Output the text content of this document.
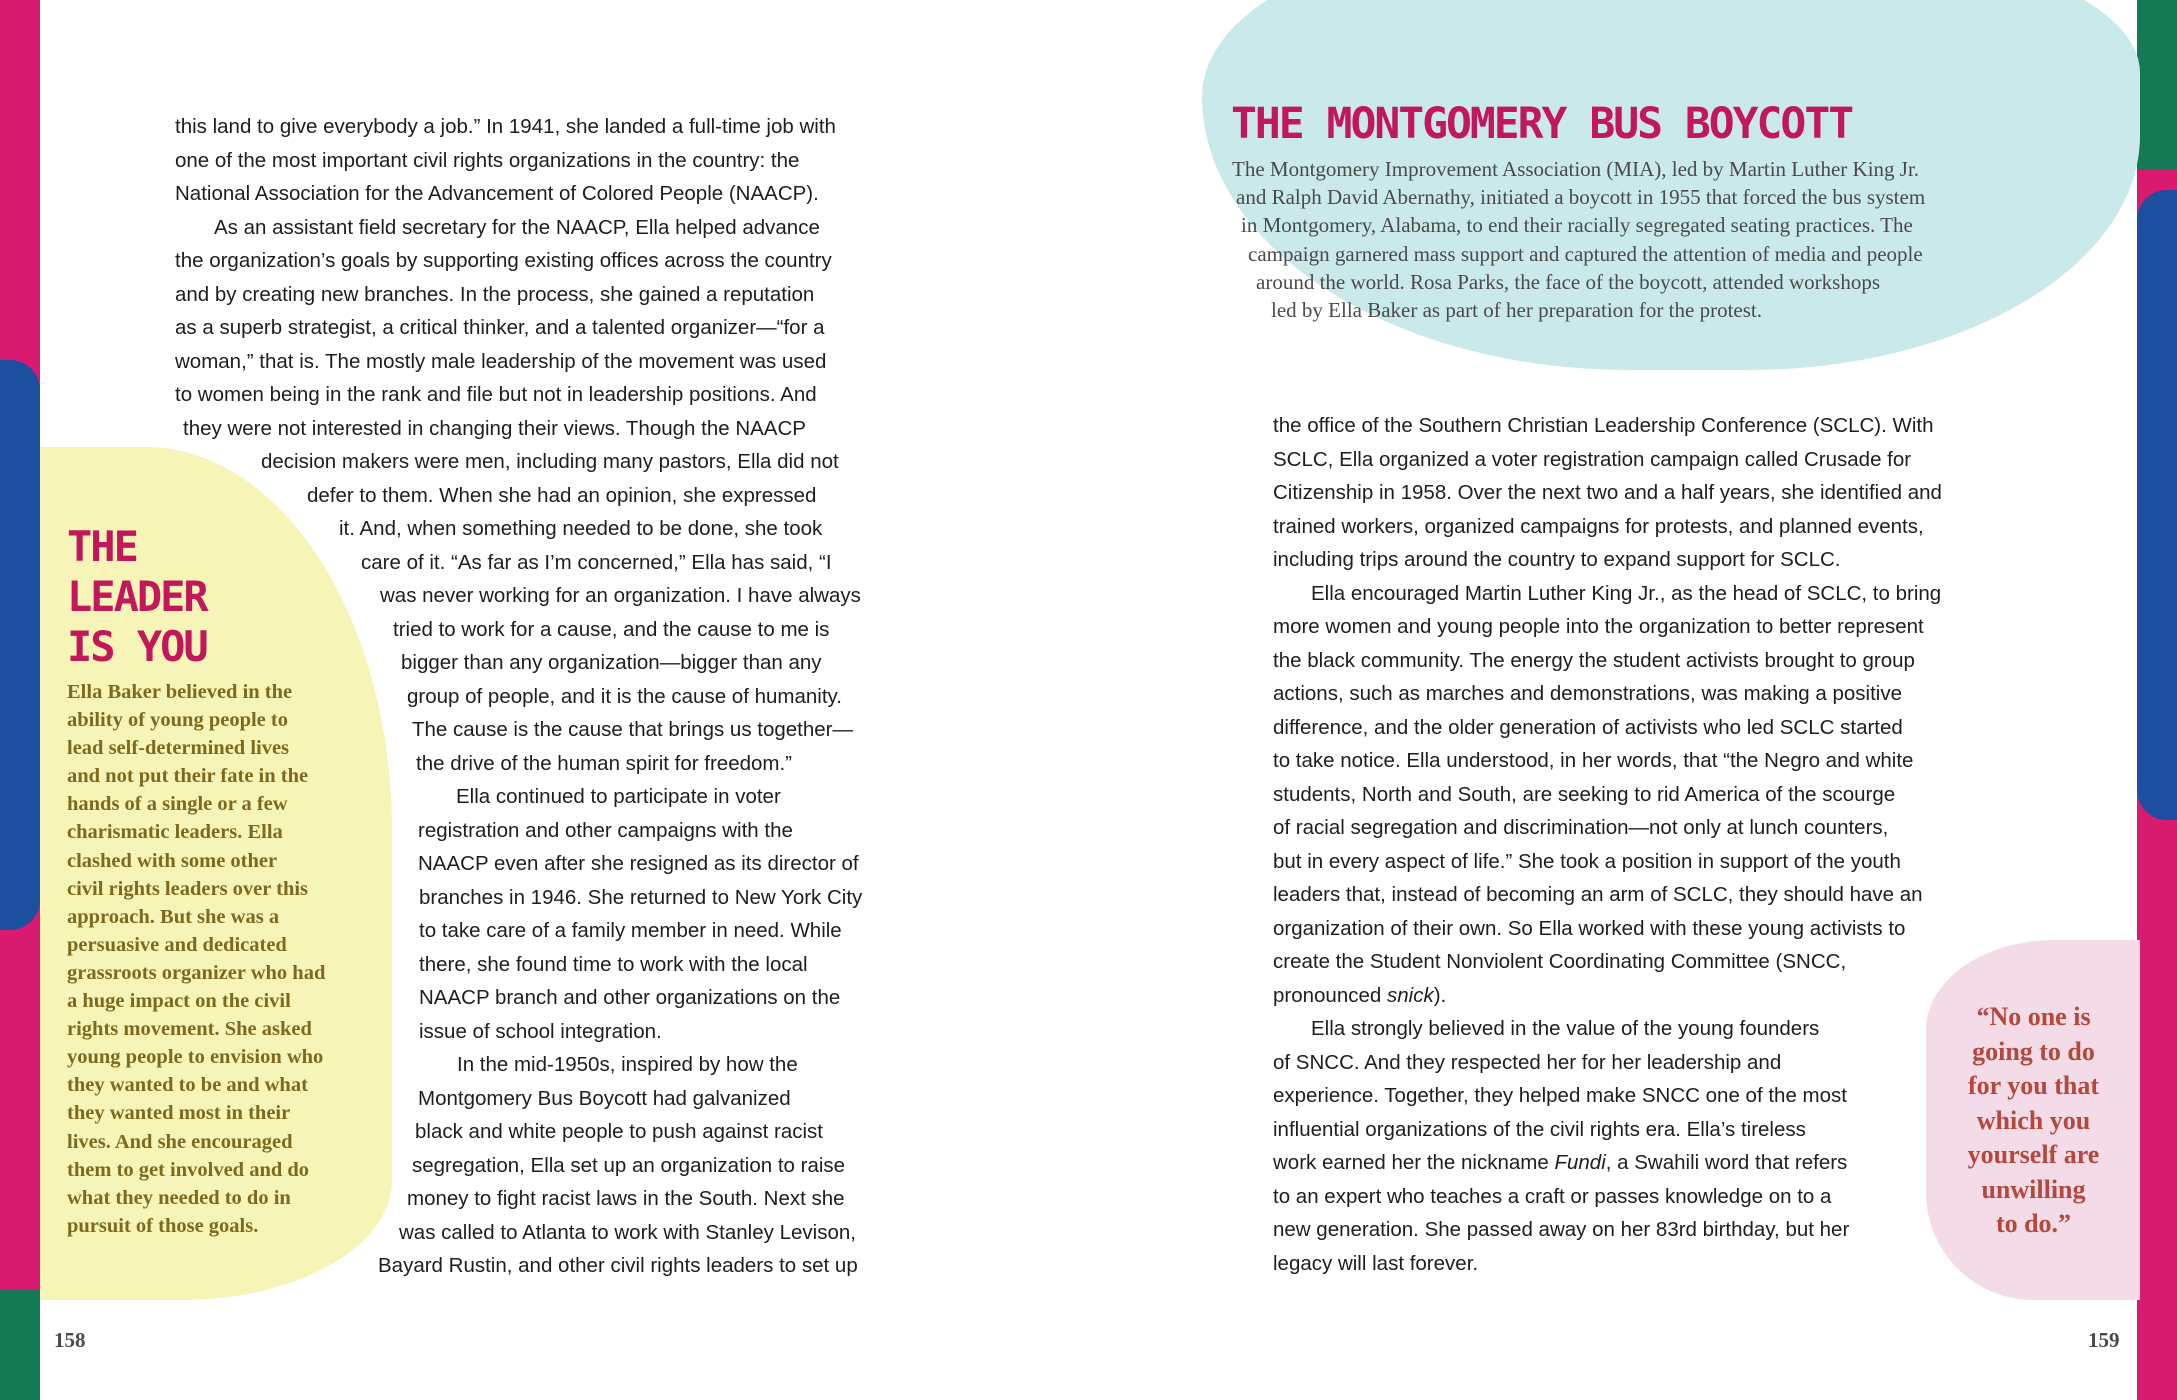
this land to give everybody a job.” In 1941, she landed a full-time job with
one of the most important civil rights organizations in the country: the
National Association for the Advancement of Colored People (NAACP).
As an assistant field secretary for the NAACP, Ella helped advance
the organization’s goals by supporting existing offices across the country
and by creating new branches. In the process, she gained a reputation
as a superb strategist, a critical thinker, and a talented organizer—“for a
woman,” that is. The mostly male leadership of the movement was used
to women being in the rank and file but not in leadership positions. And
they were not interested in changing their views. Though the NAACP
decision makers were men, including many pastors, Ella did not
defer to them. When she had an opinion, she expressed
it. And, when something needed to be done, she took
care of it. “As far as I’m concerned,” Ella has said, “I
was never working for an organization. I have always
tried to work for a cause, and the cause to me is
bigger than any organization—bigger than any
group of people, and it is the cause of humanity.
The cause is the cause that brings us together—
the drive of the human spirit for freedom.”
Ella continued to participate in voter
registration and other campaigns with the
NAACP even after she resigned as its director of
branches in 1946. She returned to New York City
to take care of a family member in need. While
there, she found time to work with the local
NAACP branch and other organizations on the
issue of school integration.
In the mid-1950s, inspired by how the
Montgomery Bus Boycott had galvanized
black and white people to push against racist
segregation, Ella set up an organization to raise
money to fight racist laws in the South. Next she
was called to Atlanta to work with Stanley Levison,
Bayard Rustin, and other civil rights leaders to set up
THE
LEADER
IS YOU
Ella Baker believed in the
ability of young people to
lead self-determined lives
and not put their fate in the
hands of a single or a few
charismatic leaders. Ella
clashed with some other
civil rights leaders over this
approach. But she was a
persuasive and dedicated
grassroots organizer who had
a huge impact on the civil
rights movement. She asked
young people to envision who
they wanted to be and what
they wanted most in their
lives. And she encouraged
them to get involved and do
what they needed to do in
pursuit of those goals.
158
THE MONTGOMERY BUS BOYCOTT
The Montgomery Improvement Association (MIA), led by Martin Luther King Jr.
and Ralph David Abernathy, initiated a boycott in 1955 that forced the bus system
in Montgomery, Alabama, to end their racially segregated seating practices. The
campaign garnered mass support and captured the attention of media and people
around the world. Rosa Parks, the face of the boycott, attended workshops
led by Ella Baker as part of her preparation for the protest.
the office of the Southern Christian Leadership Conference (SCLC). With
SCLC, Ella organized a voter registration campaign called Crusade for
Citizenship in 1958. Over the next two and a half years, she identified and
trained workers, organized campaigns for protests, and planned events,
including trips around the country to expand support for SCLC.
Ella encouraged Martin Luther King Jr., as the head of SCLC, to bring
more women and young people into the organization to better represent
the black community. The energy the student activists brought to group
actions, such as marches and demonstrations, was making a positive
difference, and the older generation of activists who led SCLC started
to take notice. Ella understood, in her words, that “the Negro and white
students, North and South, are seeking to rid America of the scourge
of racial segregation and discrimination—not only at lunch counters,
but in every aspect of life.” She took a position in support of the youth
leaders that, instead of becoming an arm of SCLC, they should have an
organization of their own. So Ella worked with these young activists to
create the Student Nonviolent Coordinating Committee (SNCC,
pronounced snick).
Ella strongly believed in the value of the young founders
of SNCC. And they respected her for her leadership and
experience. Together, they helped make SNCC one of the most
influential organizations of the civil rights era. Ella’s tireless
work earned her the nickname Fundi, a Swahili word that refers
to an expert who teaches a craft or passes knowledge on to a
new generation. She passed away on her 83rd birthday, but her
legacy will last forever.
“No one is
going to do
for you that
which you
yourself are
unwilling
to do.”
159
